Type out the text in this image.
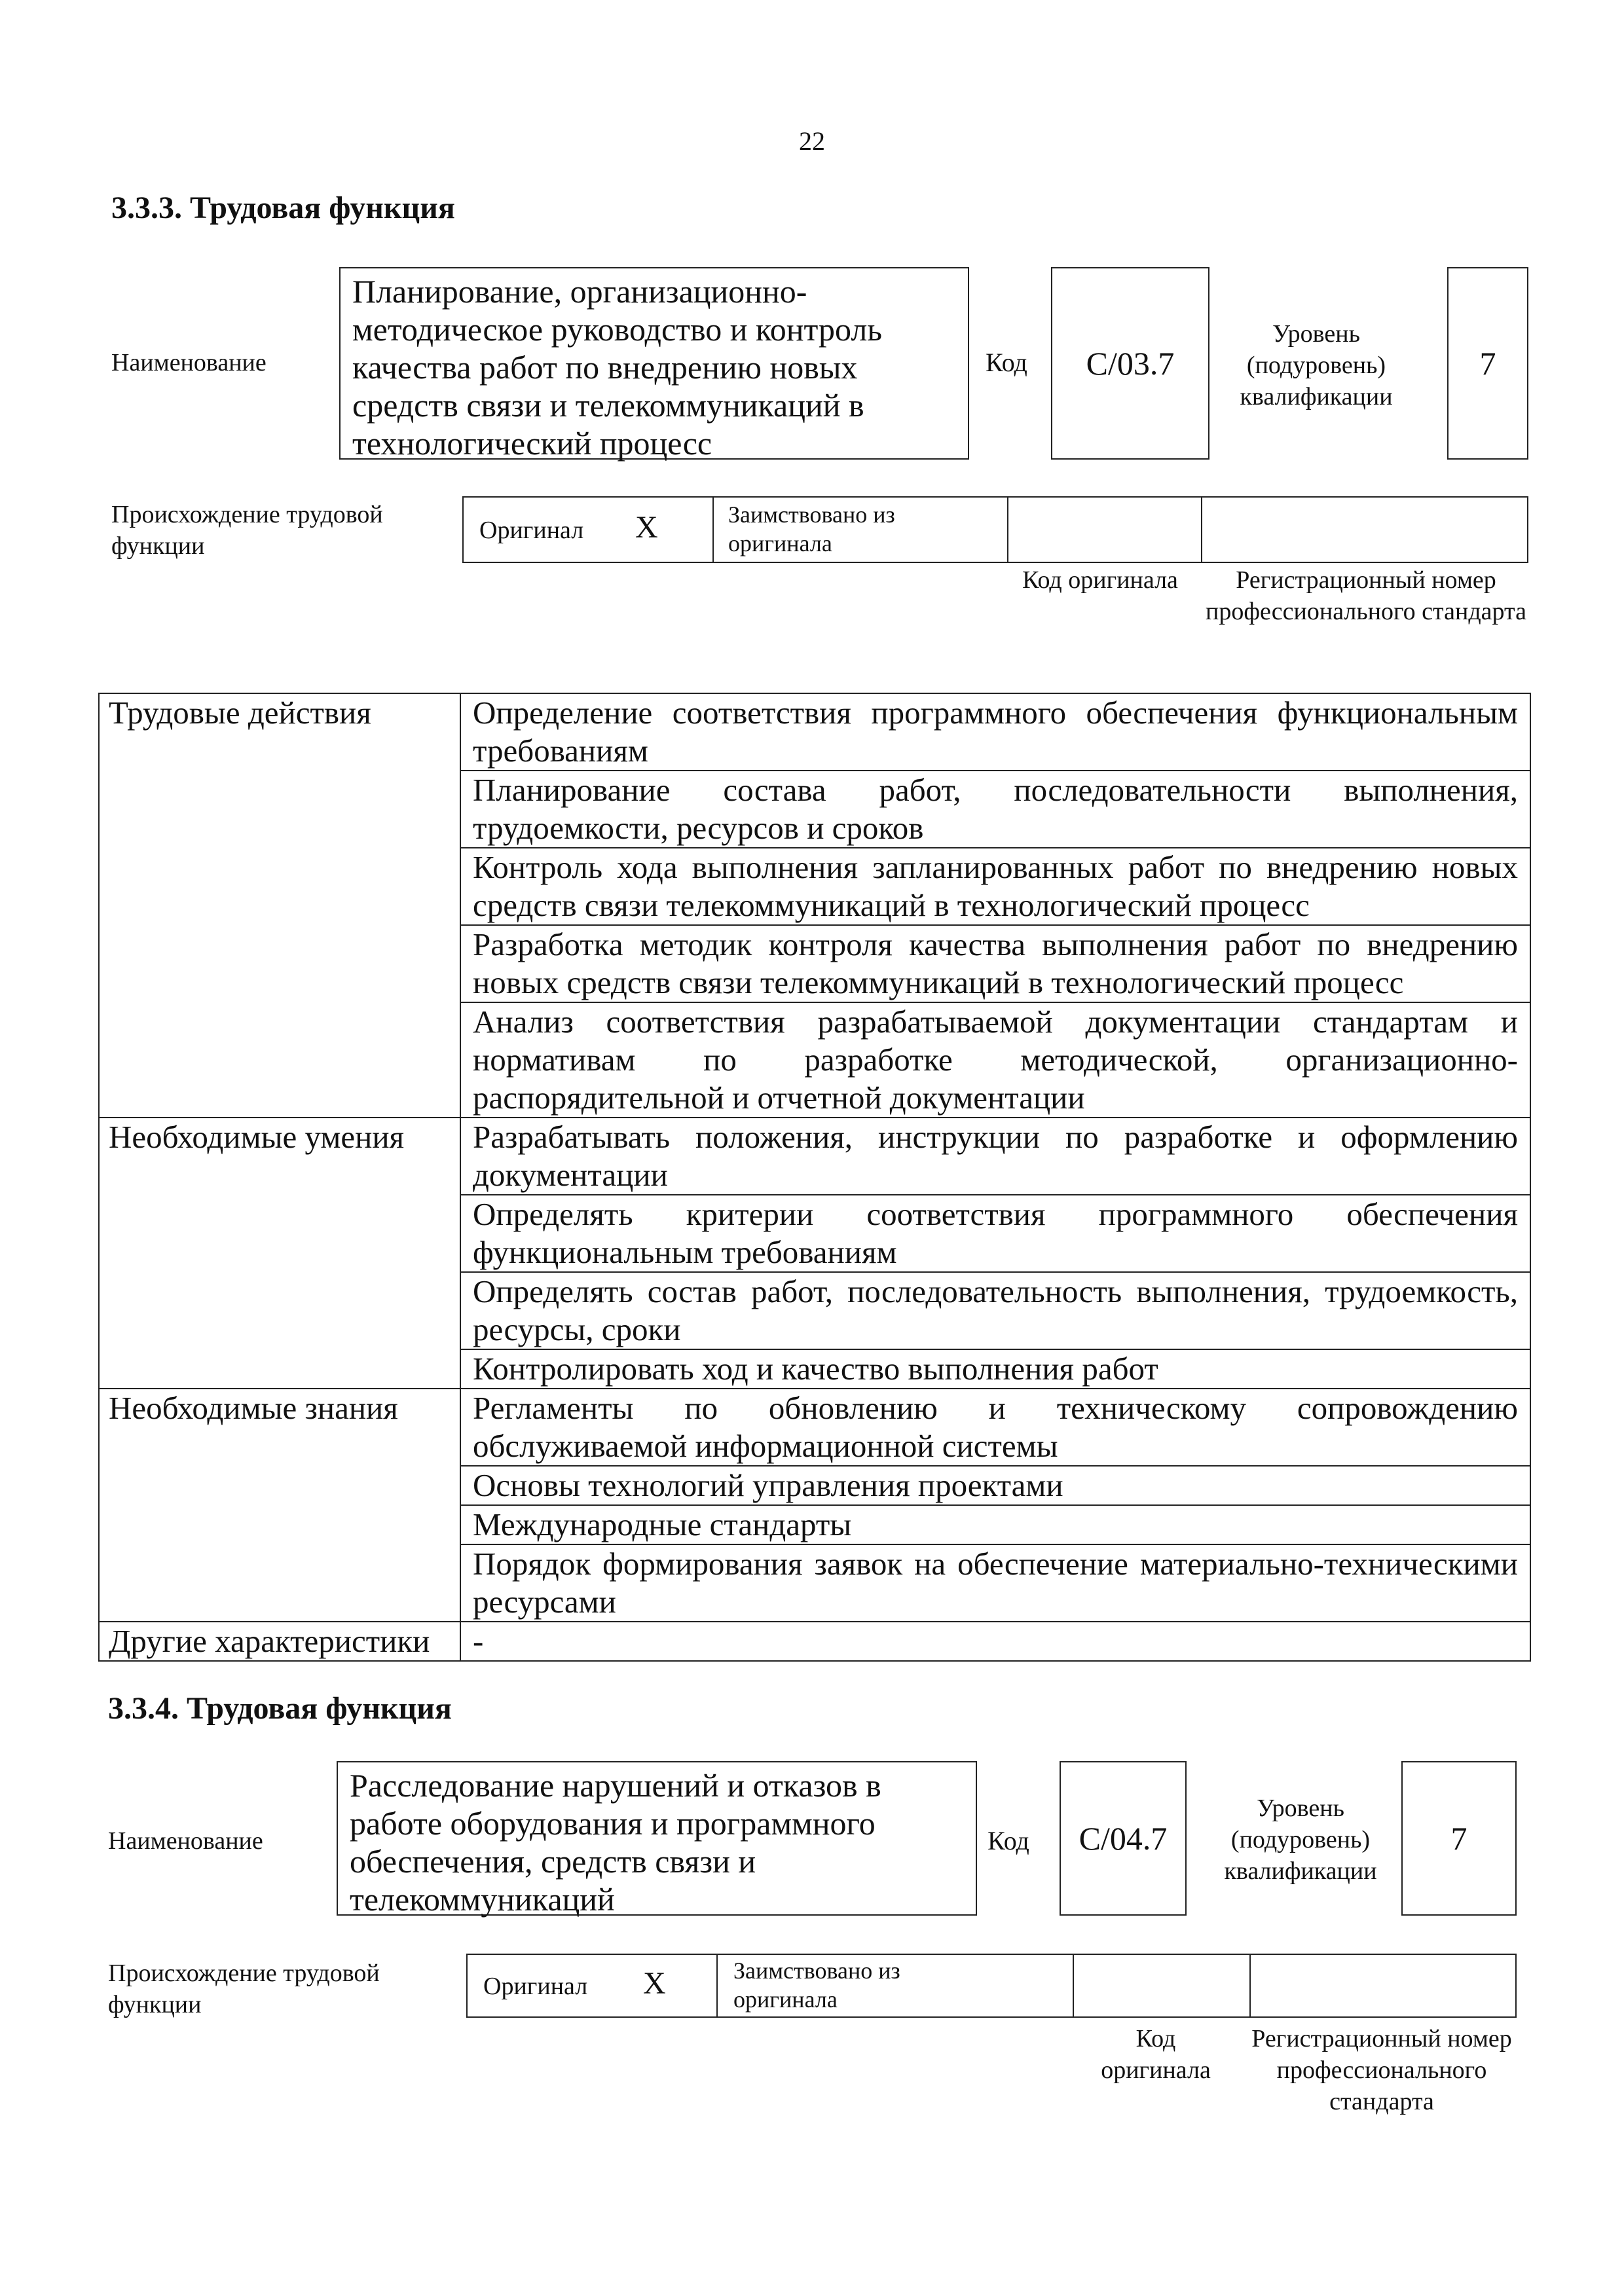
22
3.3.3. Трудовая функция
Наименование
Планирование, организационно-методическое руководство и контроль качества работ по внедрению новых средств связи и телекоммуникаций в технологический процесс
Код	С/03.7
Уровень (подуровень) квалификации
7
Происхождение трудовой функции
Оригинал X	Заимствовано из оригинала
Код оригинала	Регистрационный номер профессионального стандарта
Трудовые действия	Определение соответствия программного обеспечения функциональным требованиям
	Планирование состава работ, последовательности выполнения, трудоемкости, ресурсов и сроков
	Контроль хода выполнения запланированных работ по внедрению новых средств связи телекоммуникаций в технологический процесс
	Разработка методик контроля качества выполнения работ по внедрению новых средств связи телекоммуникаций в технологический процесс
	Анализ соответствия разрабатываемой документации стандартам и нормативам по разработке методической, организационно-распорядительной и отчетной документации
Необходимые умения	Разрабатывать положения, инструкции по разработке и оформлению документации
	Определять критерии соответствия программного обеспечения функциональным требованиям
	Определять состав работ, последовательность выполнения, трудоемкость, ресурсы, сроки
	Контролировать ход и качество выполнения работ
Необходимые знания	Регламенты по обновлению и техническому сопровождению обслуживаемой информационной системы
	Основы технологий управления проектами
	Международные стандарты
	Порядок формирования заявок на обеспечение материально-техническими ресурсами
Другие характеристики	-
3.3.4. Трудовая функция
Наименование
Расследование нарушений и отказов в работе оборудования и программного обеспечения, средств связи и телекоммуникаций
Код	С/04.7
Уровень (подуровень) квалификации
7
Происхождение трудовой функции
Оригинал X	Заимствовано из оригинала
Код оригинала
Регистрационный номер профессионального стандарта
